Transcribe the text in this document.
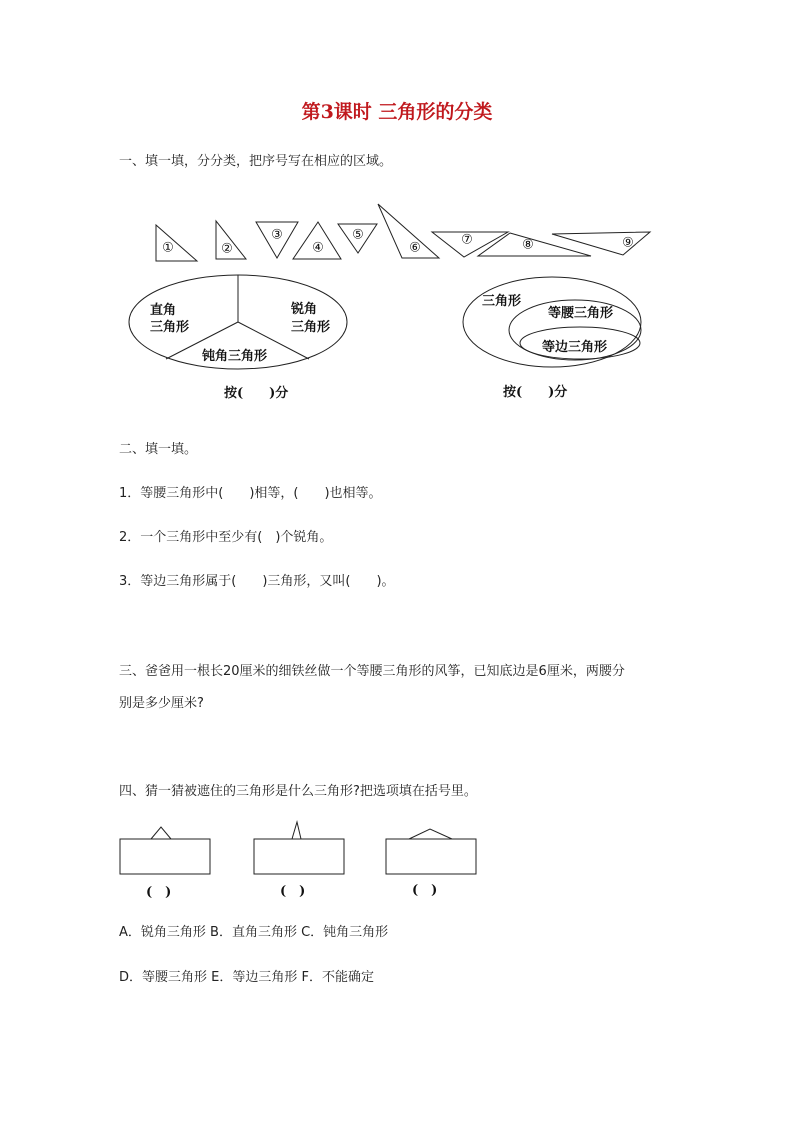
第3课时 三角形的分类
一、填一填，分分类，把序号写在相应的区域。
①	②
③
④
⑤
⑥
⑦	⑧	⑨
直角
三角形
锐角
三角形
钝角三角形
按(　　)分
三角形
等腰三角形
等边三角形
按(　　)分
(　)	(　)	(　)
二、填一填。
1．等腰三角形中(　　)相等，(　　)也相等。
2．一个三角形中至少有(　)个锐角。
3．等边三角形属于(　　)三角形，又叫(　　)。
三、爸爸用一根长20厘米的细铁丝做一个等腰三角形的风筝，已知底边是6厘米，两腰分
别是多少厘米?
四、猜一猜被遮住的三角形是什么三角形?把选项填在括号里。
A．锐角三角形 B．直角三角形 C．钝角三角形
D．等腰三角形 E．等边三角形 F．不能确定
